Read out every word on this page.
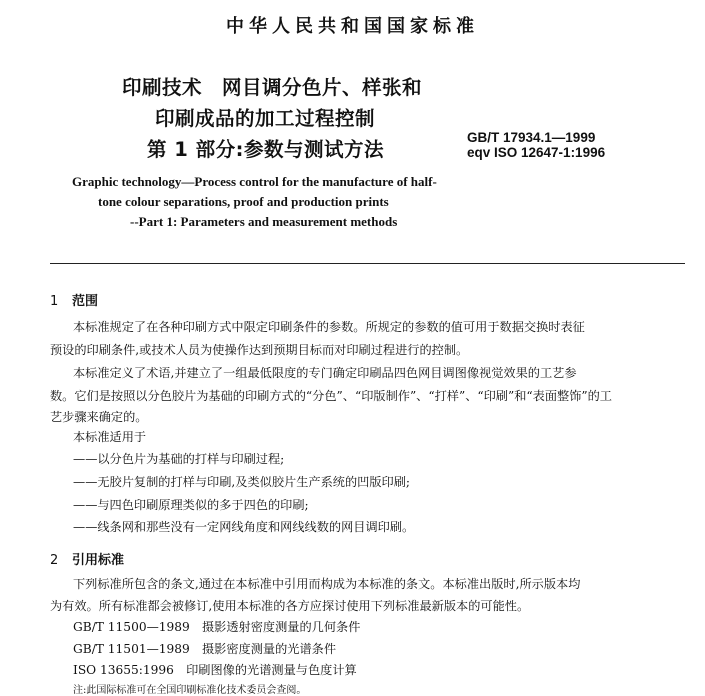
中华人民共和国国家标准
印刷技术　网目调分色片、样张和
印刷成品的加工过程控制
第 1 部分:参数与测试方法
GB/T 17934.1—1999
eqv ISO 12647-1:1996
Graphic technology—Process control for the manufacture of half-
tone colour separations, proof and production prints
--Part 1: Parameters and measurement methods
1 范围
本标准规定了在各种印刷方式中限定印刷条件的参数。所规定的参数的值可用于数据交换时表征
预设的印刷条件,或技术人员为使操作达到预期目标而对印刷过程进行的控制。
本标准定义了术语,并建立了一组最低限度的专门确定印刷品四色网目调图像视觉效果的工艺参
数。它们是按照以分色胶片为基础的印刷方式的“分色”、“印版制作”、“打样”、“印刷”和“表面整饰”的工
艺步骤来确定的。
本标准适用于
——以分色片为基础的打样与印刷过程;
——无胶片复制的打样与印刷,及类似胶片生产系统的凹版印刷;
——与四色印刷原理类似的多于四色的印刷;
——线条网和那些没有一定网线角度和网线线数的网目调印刷。
2 引用标准
下列标准所包含的条文,通过在本标准中引用而构成为本标准的条文。本标准出版时,所示版本均
为有效。所有标准都会被修订,使用本标准的各方应探讨使用下列标准最新版本的可能性。
GB/T 11500—1989　摄影透射密度测量的几何条件
GB/T 11501—1989　摄影密度测量的光谱条件
ISO 13655:1996　印刷图像的光谱测量与色度计算
注:此国际标准可在全国印刷标准化技术委员会查阅。
